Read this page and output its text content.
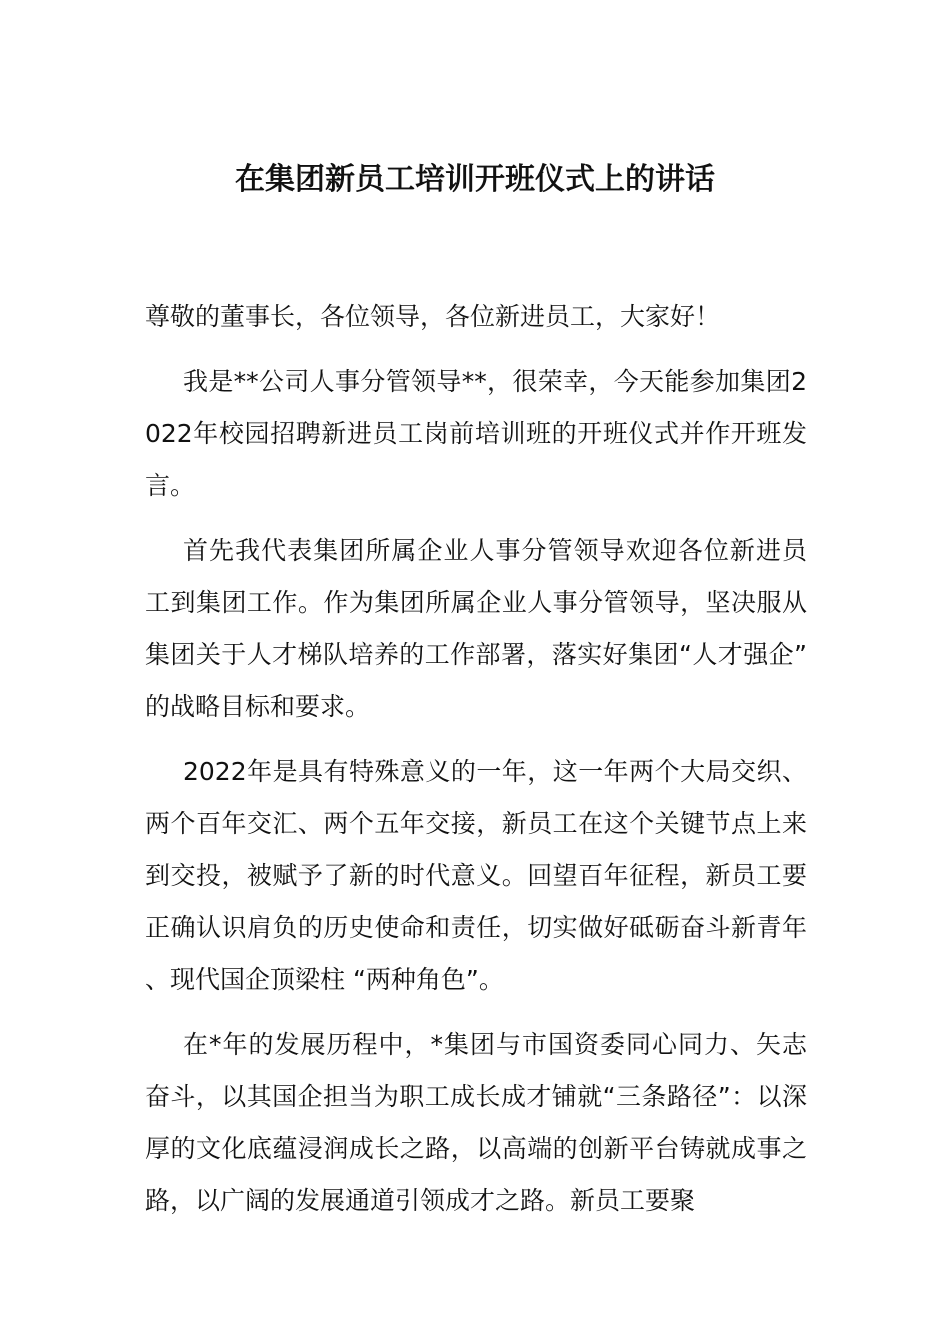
在集团新员工培训开班仪式上的讲话

尊敬的董事长，各位领导，各位新进员工，大家好！

我是**公司人事分管领导**，很荣幸，今天能参加集团2022年校园招聘新进员工岗前培训班的开班仪式并作开班发言。

首先我代表集团所属企业人事分管领导欢迎各位新进员工到集团工作。作为集团所属企业人事分管领导，坚决服从集团关于人才梯队培养的工作部署，落实好集团“人才强企”的战略目标和要求。

2022年是具有特殊意义的一年，这一年两个大局交织、两个百年交汇、两个五年交接，新员工在这个关键节点上来到交投，被赋予了新的时代意义。回望百年征程，新员工要正确认识肩负的历史使命和责任，切实做好砥砺奋斗新青年、现代国企顶梁柱 “两种角色”。

在*年的发展历程中，*集团与市国资委同心同力、矢志奋斗，以其国企担当为职工成长成才铺就“三条路径”：以深厚的文化底蕴浸润成长之路，以高端的创新平台铸就成事之路，以广阔的发展通道引领成才之路。新员工要聚
